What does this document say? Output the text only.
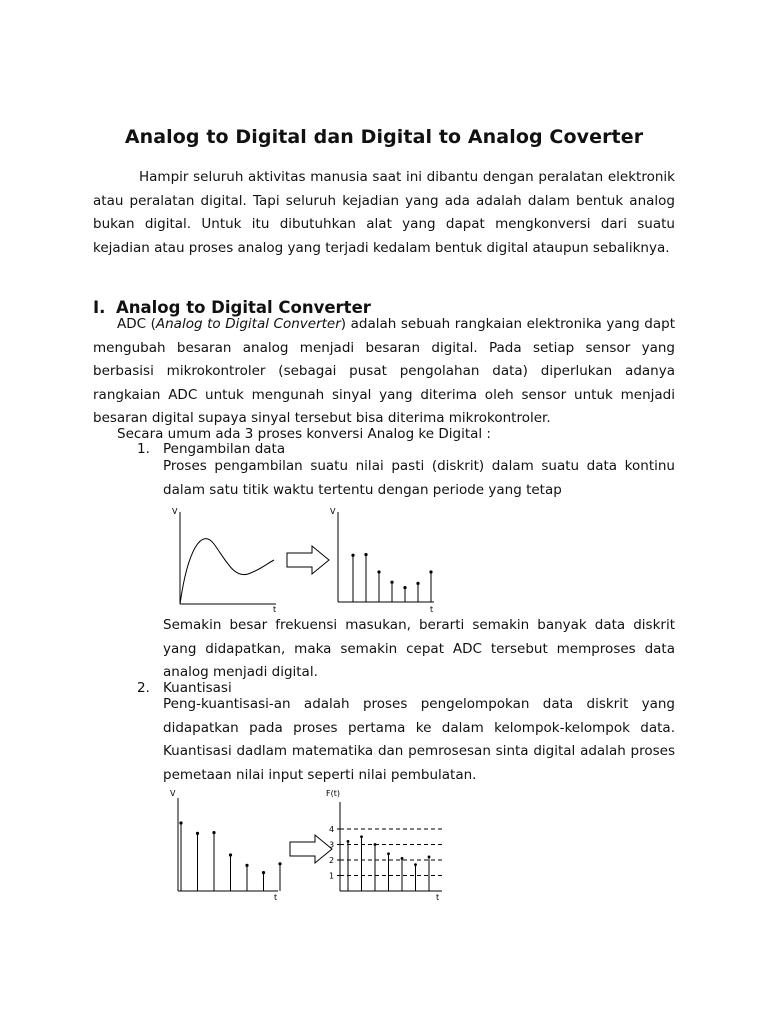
Analog to Digital dan Digital to Analog Coverter
Hampir seluruh aktivitas manusia saat ini dibantu dengan peralatan elektronik atau peralatan digital. Tapi seluruh kejadian yang ada adalah dalam bentuk analog bukan digital. Untuk itu dibutuhkan alat yang dapat mengkonversi dari suatu kejadian atau proses analog yang terjadi kedalam bentuk digital ataupun sebaliknya.
I. Analog to Digital Converter
ADC (Analog to Digital Converter) adalah sebuah rangkaian elektronika yang dapt mengubah besaran analog menjadi besaran digital. Pada setiap sensor yang berbasisi mikrokontroler (sebagai pusat pengolahan data) diperlukan adanya rangkaian ADC untuk mengunah sinyal yang diterima oleh sensor untuk menjadi besaran digital supaya sinyal tersebut bisa diterima mikrokontroler.
Secara umum ada 3 proses konversi Analog ke Digital :
1. Pengambilan data
Proses pengambilan suatu nilai pasti (diskrit) dalam suatu data kontinu dalam satu titik waktu tertentu dengan periode yang tetap
V
t
V
t
Semakin besar frekuensi masukan, berarti semakin banyak data diskrit yang didapatkan, maka semakin cepat ADC tersebut memproses data analog menjadi digital.
2. Kuantisasi
Peng-kuantisasi-an adalah proses pengelompokan data diskrit yang didapatkan pada proses pertama ke dalam kelompok-kelompok data. Kuantisasi dadlam matematika dan pemrosesan sinta digital adalah proses pemetaan nilai input seperti nilai pembulatan.
V
t
F(t)
t
4
3
2
1
